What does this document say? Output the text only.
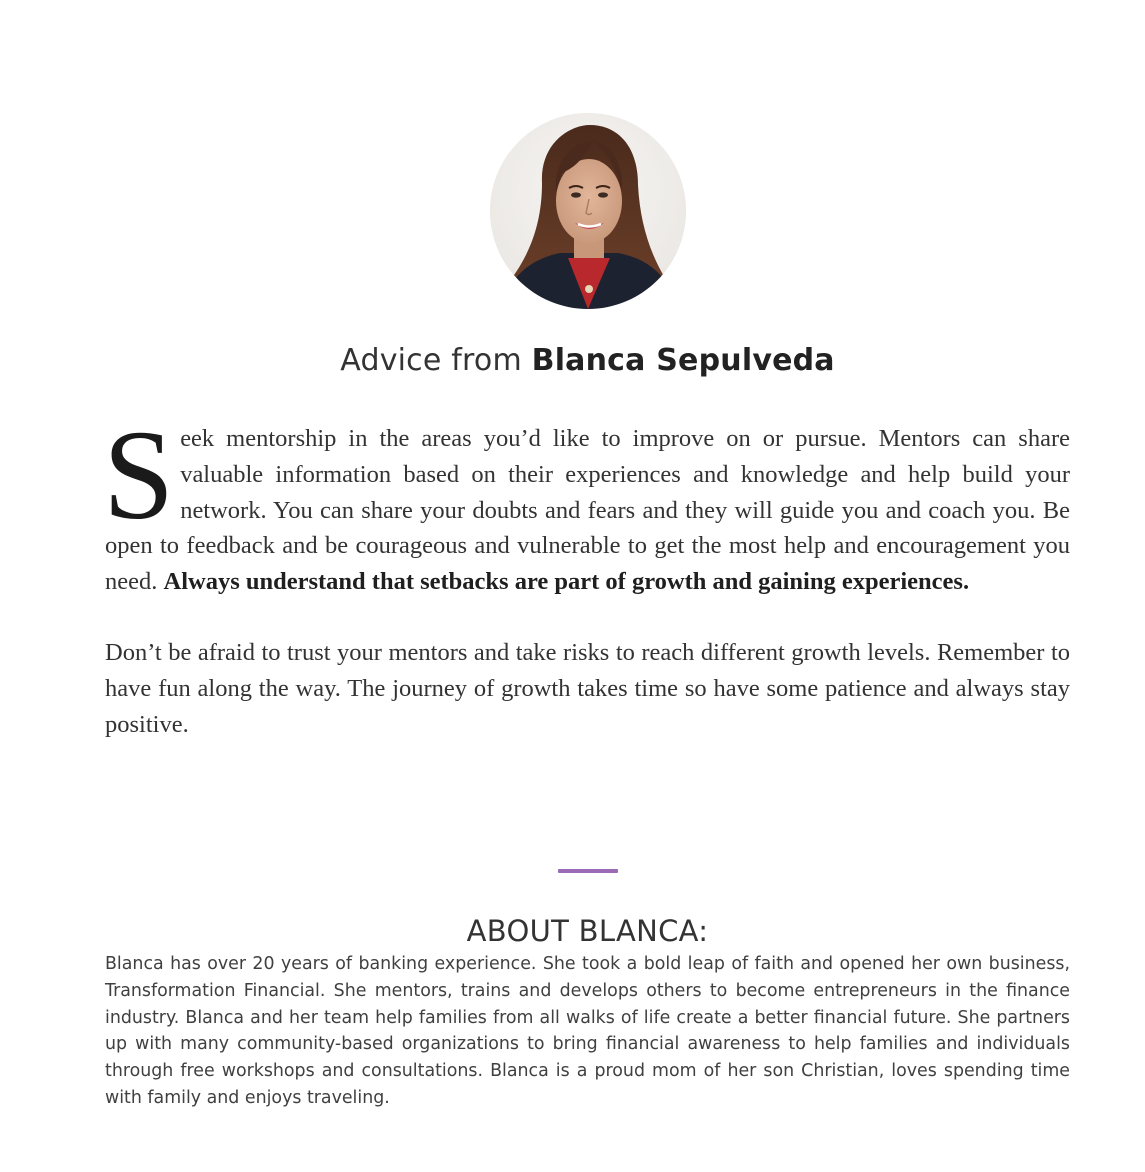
Advice from Blanca Sepulveda

Seek mentorship in the areas you’d like to improve on or pursue. Mentors can share valuable information based on their experiences and knowledge and help build your network. You can share your doubts and fears and they will guide you and coach you. Be open to feedback and be courageous and vulnerable to get the most help and encouragement you need. Always understand that setbacks are part of growth and gaining experiences.

Don’t be afraid to trust your mentors and take risks to reach different growth levels. Remember to have fun along the way. The journey of growth takes time so have some patience and always stay positive.

ABOUT BLANCA:

Blanca has over 20 years of banking experience. She took a bold leap of faith and opened her own business, Transformation Financial. She mentors, trains and develops others to become entrepreneurs in the finance industry. Blanca and her team help families from all walks of life create a better financial future. She partners up with many community-based organizations to bring financial awareness to help families and individuals through free workshops and consultations. Blanca is a proud mom of her son Christian, loves spending time with family and enjoys traveling.
